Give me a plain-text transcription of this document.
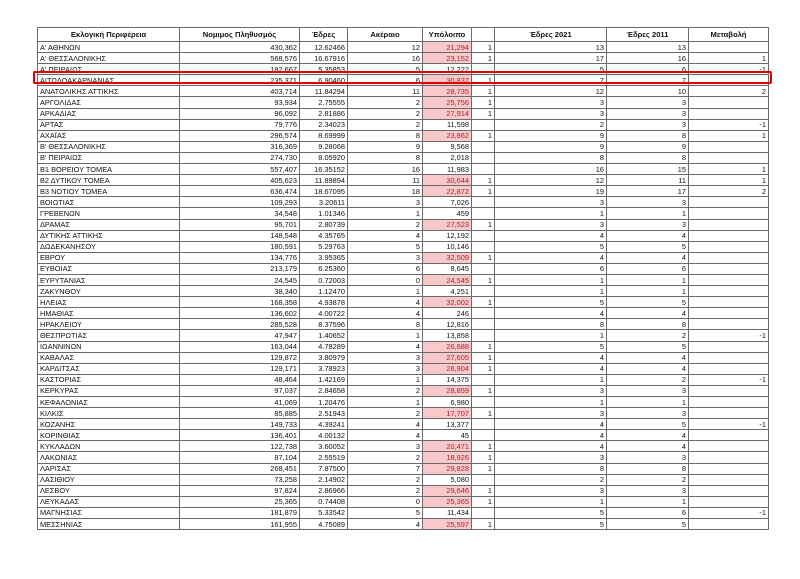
Εκλογική Περιφέρεια	Νομιμος Πληθυσμός	Έδρες	Ακέραιο	Υπόλοιπο		Έδρες 2021	Έδρες 2011	Μεταβολή
Α' ΑΘΗΝΩΝ	430,362	12.62466	12	21,294	1	13	13	
Α' ΘΕΣΣΑΛΟΝΙΚΗΣ	568,576	16.67916	16	23,152	1	17	16	1
Α' ΠΕΙΡΑΙΩΣ	182,667	5.35853	5	12,222		5	6	-1
ΑΙΤΩΛΟΑΚΑΡΝΑΝΙΑΣ	235,371	6.90460	6	30,837	1	7	7	
ΑΝΑΤΟΛΙΚΗΣ ΑΤΤΙΚΗΣ	403,714	11.84294	11	28,735	1	12	10	2
ΑΡΓΟΛΙΔΑΣ	93,934	2.75555	2	25,756	1	3	3	
ΑΡΚΑΔΙΑΣ	96,092	2.81886	2	27,914	1	3	3	
ΑΡΤΑΣ	79,776	2.34023	2	11,598		2	3	-1
ΑΧΑΪΑΣ	296,574	8.69999	8	23,862	1	9	8	1
Β' ΘΕΣΣΑΛΟΝΙΚΗΣ	316,369	9.28068	9	9,568		9	9	
Β' ΠΕΙΡΑΙΩΣ	274,730	8.05920	8	2,018		8	8	
Β1 ΒΟΡΕΙΟΥ ΤΟΜΕΑ	557,407	16.35152	16	11,983		16	15	1
Β2 ΔΥΤΙΚΟΥ ΤΟΜΕΑ	405,623	11.89894	11	30,644	1	12	11	1
Β3 ΝΟΤΙΟΥ ΤΟΜΕΑ	636,474	18.67095	18	22,872	1	19	17	2
ΒΟΙΩΤΙΑΣ	109,293	3.20611	3	7,026		3	3	
ΓΡΕΒΕΝΩΝ	34,548	1.01346	1	459		1	1	
ΔΡΑΜΑΣ	95,701	2.80739	2	27,523	1	3	3	
ΔΥΤΙΚΗΣ ΑΤΤΙΚΗΣ	148,548	4.35765	4	12,192		4	4	
ΔΩΔΕΚΑΝΗΣΟΥ	180,591	5.29763	5	10,146		5	5	
ΕΒΡΟΥ	134,776	3.95365	3	32,509	1	4	4	
ΕΥΒΟΙΑΣ	213,179	6.25360	6	8,645		6	6	
ΕΥΡΥΤΑΝΙΑΣ	24,545	0.72003	0	24,545	1	1	1	
ΖΑΚΥΝΘΟΥ	38,340	1.12470	1	4,251		1	1	
ΗΛΕΙΑΣ	168,358	4.93878	4	32,002	1	5	5	
ΗΜΑΘΙΑΣ	136,602	4.00722	4	246		4	4	
ΗΡΑΚΛΕΙΟΥ	285,528	8.37596	8	12,816		8	8	
ΘΕΣΠΡΩΤΙΑΣ	47,947	1.40652	1	13,858		1	2	-1
ΙΩΑΝΝΙΝΩΝ	163,044	4.78289	4	26,688	1	5	5	
ΚΑΒΑΛΑΣ	129,872	3.80979	3	27,605	1	4	4	
ΚΑΡΔΙΤΣΑΣ	129,171	3.78923	3	26,904	1	4	4	
ΚΑΣΤΟΡΙΑΣ	48,464	1.42169	1	14,375		1	2	-1
ΚΕΡΚΥΡΑΣ	97,037	2.84658	2	28,859	1	3	3	
ΚΕΦΑΛΟΝΙΑΣ	41,069	1.20476	1	6,980		1	1	
ΚΙΛΚΙΣ	85,885	2.51943	2	17,707	1	3	3	
ΚΟΖΑΝΗΣ	149,733	4.39241	4	13,377		4	5	-1
ΚΟΡΙΝΘΙΑΣ	136,401	4.00132	4	45		4	4	
ΚΥΚΛΑΔΩΝ	122,738	3.60052	3	20,471	1	4	4	
ΛΑΚΩΝΙΑΣ	87,104	2.55519	2	18,926	1	3	3	
ΛΑΡΙΣΑΣ	268,451	7.87500	7	29,828	1	8	8	
ΛΑΣΙΘΙΟΥ	73,258	2.14902	2	5,080		2	2	
ΛΕΣΒΟΥ	97,824	2.86966	2	29,646	1	3	3	
ΛΕΥΚΑΔΑΣ	25,365	0.74408	0	25,365	1	1	1	
ΜΑΓΝΗΣΙΑΣ	181,879	5.33542	5	11,434		5	6	-1
ΜΕΣΣΗΝΙΑΣ	161,955	4.75089	4	25,597	1	5	5	
